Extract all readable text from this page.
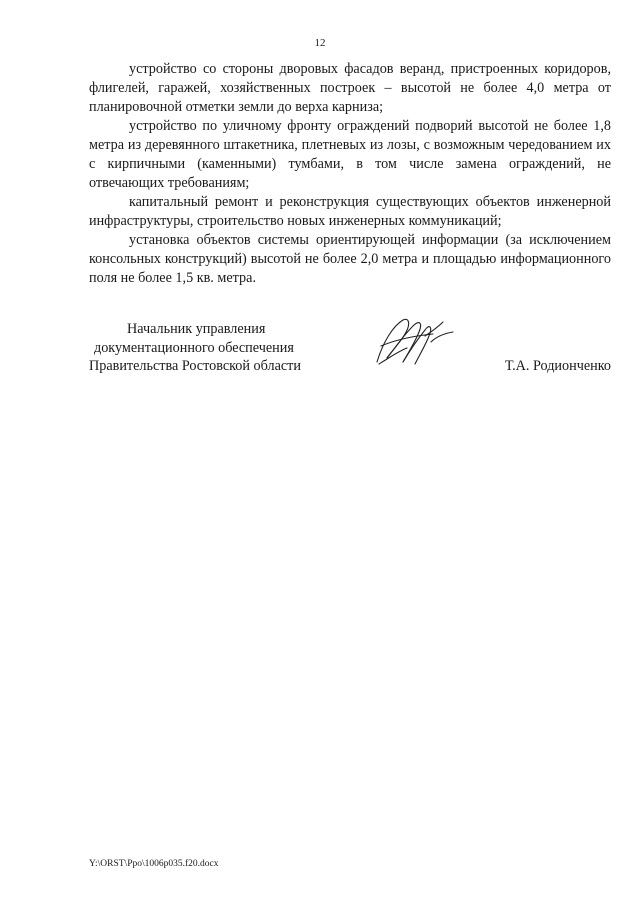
12

устройство со стороны дворовых фасадов веранд, пристроенных коридоров, флигелей, гаражей, хозяйственных построек – высотой не более 4,0 метра от планировочной отметки земли до верха карниза;

устройство по уличному фронту ограждений подворий высотой не более 1,8 метра из деревянного штакетника, плетневых из лозы, с возможным чередованием их с кирпичными (каменными) тумбами, в том числе замена ограждений, не отвечающих требованиям;

капитальный ремонт и реконструкция существующих объектов инженерной инфраструктуры, строительство новых инженерных коммуникаций;

установка объектов системы ориентирующей информации (за исключением консольных конструкций) высотой не более 2,0 метра и площадью информационного поля не более 1,5 кв. метра.

Начальник управления
документационного обеспечения
Правительства Ростовской области	Т.А. Родионченко
Y:\ORST\Ppo\1006p035.f20.docx
